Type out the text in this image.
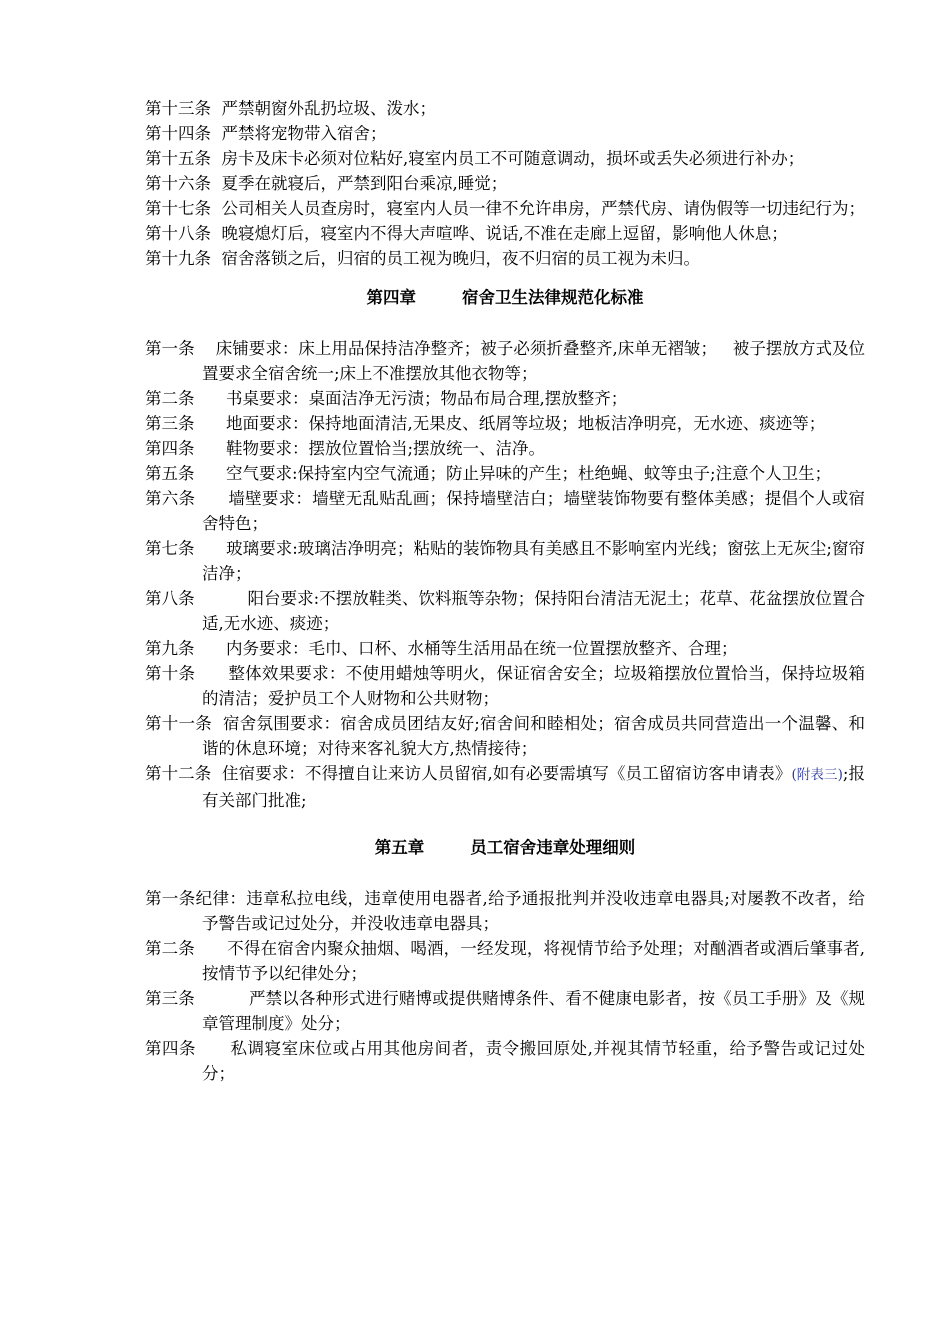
第十三条 严禁朝窗外乱扔垃圾、泼水；
第十四条 严禁将宠物带入宿舍；
第十五条 房卡及床卡必须对位粘好,寝室内员工不可随意调动，损坏或丢失必须进行补办；
第十六条 夏季在就寝后，严禁到阳台乘凉,睡觉；
第十七条 公司相关人员查房时，寝室内人员一律不允许串房，严禁代房、请伪假等一切违纪行为；
第十八条 晚寝熄灯后，寝室内不得大声喧哗、说话,不准在走廊上逗留，影响他人休息；
第十九条 宿舍落锁之后，归宿的员工视为晚归，夜不归宿的员工视为未归。
第四章        宿舍卫生法律规范化标准
第一条 床铺要求：床上用品保持洁净整齐；被子必须折叠整齐,床单无褶皱；   被子摆放方式及位置要求全宿舍统一;床上不准摆放其他衣物等；
第二条 书桌要求：桌面洁净无污渍；物品布局合理,摆放整齐；
第三条 地面要求：保持地面清洁,无果皮、纸屑等垃圾；地板洁净明亮，无水迹、痰迹等；
第四条 鞋物要求：摆放位置恰当;摆放统一、洁净。
第五条 空气要求:保持室内空气流通；防止异味的产生；杜绝蝇、蚊等虫子;注意个人卫生；
第六条 墙壁要求：墙壁无乱贴乱画；保持墙壁洁白；墙壁装饰物要有整体美感；提倡个人或宿舍特色；
第七条 玻璃要求:玻璃洁净明亮；粘贴的装饰物具有美感且不影响室内光线；窗弦上无灰尘;窗帘洁净；
第八条	阳台要求:不摆放鞋类、饮料瓶等杂物；保持阳台清洁无泥土；花草、花盆摆放位置合适,无水迹、痰迹；
第九条 内务要求：毛巾、口杯、水桶等生活用品在统一位置摆放整齐、合理；
第十条 整体效果要求：不使用蜡烛等明火，保证宿舍安全；垃圾箱摆放位置恰当，保持垃圾箱的清洁；爱护员工个人财物和公共财物；
第十一条 宿舍氛围要求：宿舍成员团结友好;宿舍间和睦相处；宿舍成员共同营造出一个温馨、和谐的休息环境；对待来客礼貌大方,热情接待；
第十二条 住宿要求：不得擅自让来访人员留宿,如有必要需填写《员工留宿访客申请表》(附表三);报有关部门批准;
第五章        员工宿舍违章处理细则
第一条纪律：违章私拉电线，违章使用电器者,给予通报批判并没收违章电器具;对屡教不改者，给予警告或记过处分，并没收违章电器具；
第二条 不得在宿舍内聚众抽烟、喝酒，一经发现，将视情节给予处理；对酗酒者或酒后肇事者,按情节予以纪律处分；
第三条	严禁以各种形式进行赌博或提供赌博条件、看不健康电影者，按《员工手册》及《规章管理制度》处分；
第四条 私调寝室床位或占用其他房间者，责令搬回原处,并视其情节轻重，给予警告或记过处分；
